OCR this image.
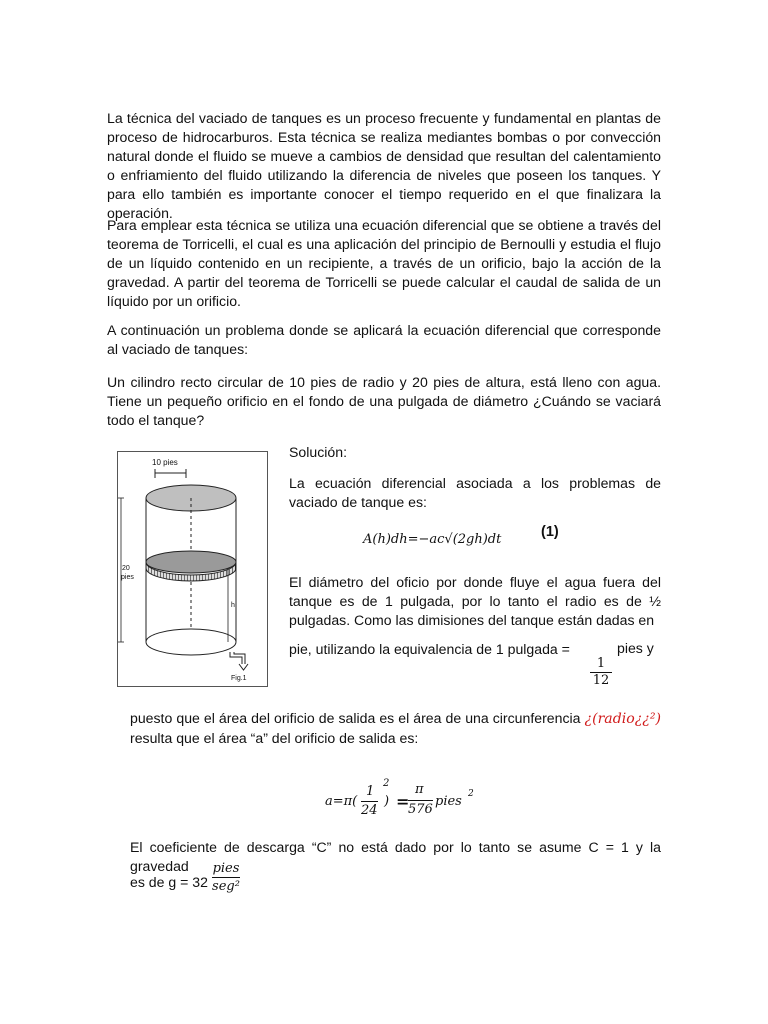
La técnica del vaciado de tanques es un proceso frecuente y fundamental en plantas de proceso de hidrocarburos. Esta técnica se realiza mediantes bombas o por convección natural donde el fluido se mueve a cambios de densidad que resultan del calentamiento o enfriamiento del fluido utilizando la diferencia de niveles que poseen los tanques. Y para ello también es importante conocer el tiempo requerido en el que finalizara la operación.

Para emplear esta técnica se utiliza una ecuación diferencial que se obtiene a través del teorema de Torricelli, el cual es una aplicación del principio de Bernoulli y estudia el flujo de un líquido contenido en un recipiente, a través de un orificio, bajo la acción de la gravedad. A partir del teorema de Torricelli se puede calcular el caudal de salida de un líquido por un orificio.

A continuación un problema donde se aplicará la ecuación diferencial que corresponde al vaciado de tanques:

Un cilindro recto circular de 10 pies de radio y 20 pies de altura, está lleno con agua. Tiene un pequeño orificio en el fondo de una pulgada de diámetro ¿Cuándo se vaciará todo el tanque?

10 pies
20
pies
h
Fig.1

Solución:

La ecuación diferencial asociada a los problemas de vaciado de tanque es:

A(h)dh=−ac√(2gh)dt	(1)

El diámetro del oficio por donde fluye el agua fuera del tanque es de 1 pulgada, por lo tanto el radio es de ½ pulgadas. Como las dimisiones del tanque están dadas en

pie, utilizando la equivalencia de 1 pulgada =	pies y
$\frac{1}{12}$

puesto que el área del orificio de salida es el área de una circunferencia ¿(radio¿¿²) resulta que el área “a” del orificio de salida es:

a=π(
1
24
)
2
=
π
576
pies 2

El coeficiente de descarga “C” no está dado por lo tanto se asume C = 1 y la gravedad

es de g = 32

pies
seg²
